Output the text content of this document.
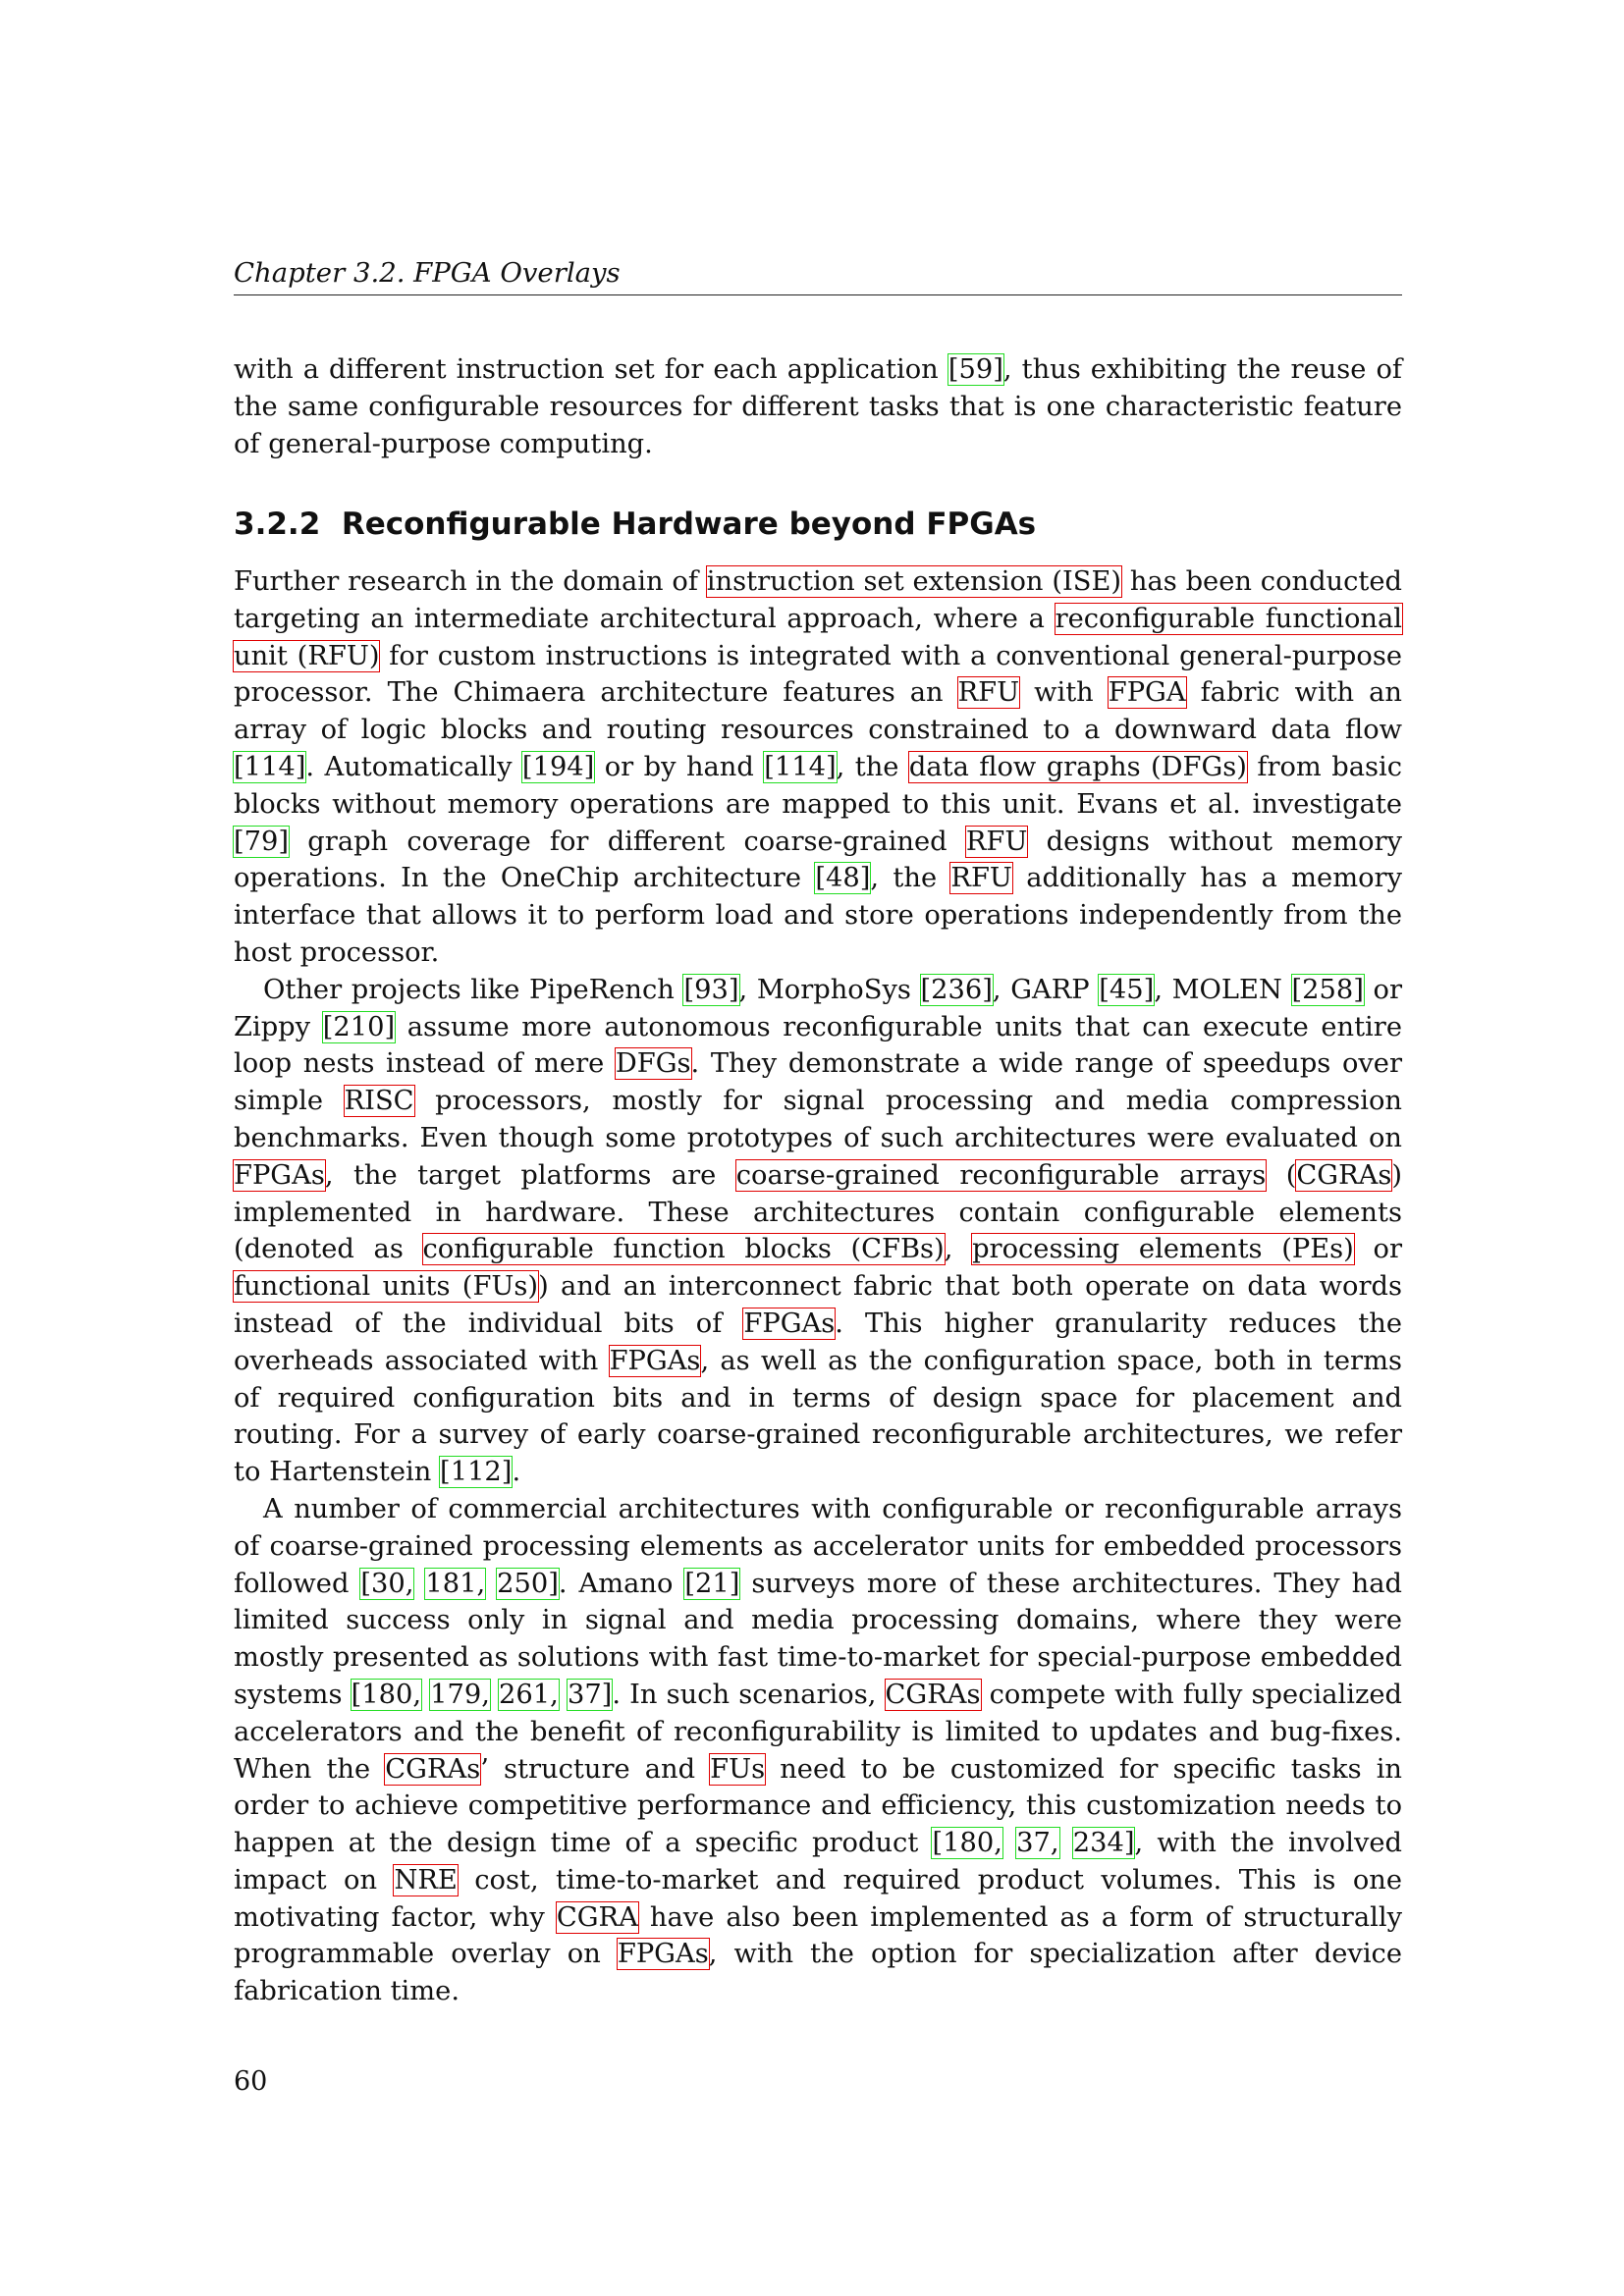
Chapter 3.2. FPGA Overlays

with a different instruction set for each application [59], thus exhibiting the reuse of the same configurable resources for different tasks that is one characteristic feature of general-purpose computing.

3.2.2 Reconfigurable Hardware beyond FPGAs

Further research in the domain of instruction set extension (ISE) has been conducted targeting an intermediate architectural approach, where a reconfigurable functional unit (RFU) for custom instructions is integrated with a conventional general-purpose processor. The Chimaera architecture features an RFU with FPGA fabric with an array of logic blocks and routing resources constrained to a downward data flow [114]. Automatically [194] or by hand [114], the data flow graphs (DFGs) from basic blocks without memory operations are mapped to this unit. Evans et al. investigate [79] graph coverage for different coarse-grained RFU designs without memory operations. In the OneChip architecture [48], the RFU additionally has a memory interface that allows it to perform load and store operations independently from the host processor.

Other projects like PipeRench [93], MorphoSys [236], GARP [45], MOLEN [258] or Zippy [210] assume more autonomous reconfigurable units that can execute entire loop nests instead of mere DFGs. They demonstrate a wide range of speedups over simple RISC processors, mostly for signal processing and media compression benchmarks. Even though some prototypes of such architectures were evaluated on FPGAs, the target platforms are coarse-grained reconfigurable arrays (CGRAs) implemented in hardware. These architectures contain configurable elements (denoted as configurable function blocks (CFBs), processing elements (PEs) or functional units (FUs)) and an interconnect fabric that both operate on data words instead of the individual bits of FPGAs. This higher granularity reduces the overheads associated with FPGAs, as well as the configuration space, both in terms of required configuration bits and in terms of design space for placement and routing. For a survey of early coarse-grained reconfigurable architectures, we refer to Hartenstein [112].

A number of commercial architectures with configurable or reconfigurable arrays of coarse-grained processing elements as accelerator units for embedded processors followed [30, 181, 250]. Amano [21] surveys more of these architectures. They had limited success only in signal and media processing domains, where they were mostly presented as solutions with fast time-to-market for special-purpose embedded systems [180, 179, 261, 37]. In such scenarios, CGRAs compete with fully specialized accelerators and the benefit of reconfigurability is limited to updates and bug-fixes. When the CGRAs’ structure and FUs need to be customized for specific tasks in order to achieve competitive performance and efficiency, this customization needs to happen at the design time of a specific product [180, 37, 234], with the involved impact on NRE cost, time-to-market and required product volumes. This is one motivating factor, why CGRA have also been implemented as a form of structurally programmable overlay on FPGAs, with the option for specialization after device fabrication time.

60
